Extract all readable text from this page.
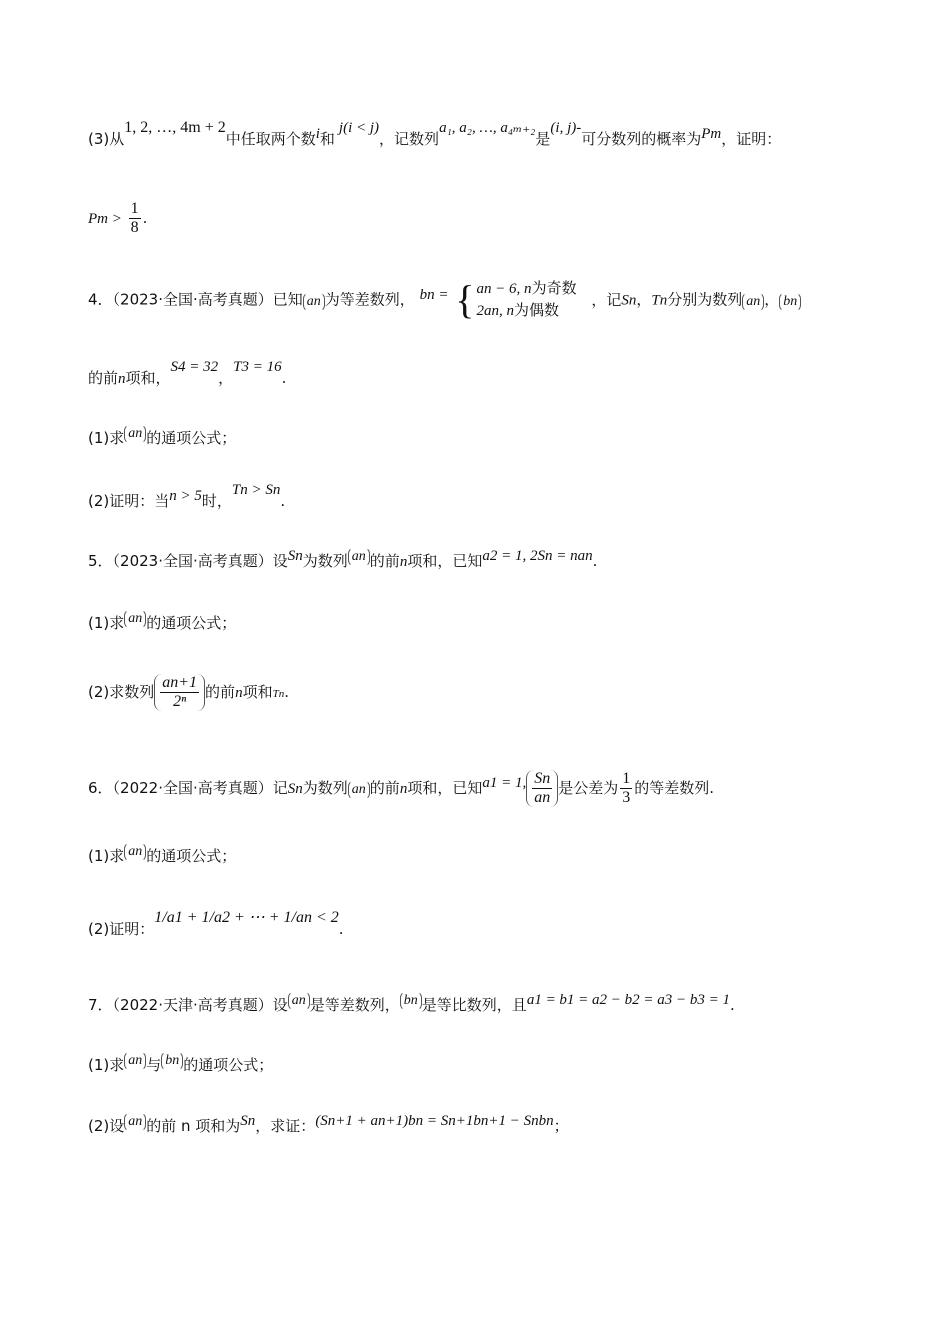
(3)从1, 2, …, 4m + 2中任取两个数i和j(i < j)，记数列a₁, a₂, …, a₄ₘ₊₂是(i, j)-可分数列的概率为Pm，证明：
$Pm > \frac{1}{8}$ .
4．（2023·全国·高考真题）已知 an 为等差数列， bn = { an − 6, n为奇数
2an, n为偶数
，记Sn，Tn分别为数列 an ， bn
的前n项和，S4 = 32，T3 = 16.
(1)求 an 的通项公式；
(2)证明：当n > 5时，Tn > Sn.
5．（2023·全国·高考真题）设Sn为数列 an 的前n项和，已知a2 = 1, 2Sn = nan.
(1)求 an 的通项公式；
(2)求数列 $\frac{an+1}{\text{2ⁿ}}$ 的前n项和Tn.
6．（2022·全国·高考真题）记Sn为数列 an 的前n项和，已知a1 = 1, $\frac{Sn}{an}$ 是公差为 $\frac{1}{3}$ 的等差数列.
(1)求 an 的通项公式；
(2)证明：1/a1 + 1/a2 + ⋯ + 1/an < 2.
7．（2022·天津·高考真题）设 an 是等差数列， bn 是等比数列，且a1 = b1 = a2 − b2 = a3 − b3 = 1.
(1)求 an 与 bn 的通项公式；
(2)设 an 的前 n 项和为Sn，求证：(Sn+1 + an+1)bn = Sn+1bn+1 − Snbn；
